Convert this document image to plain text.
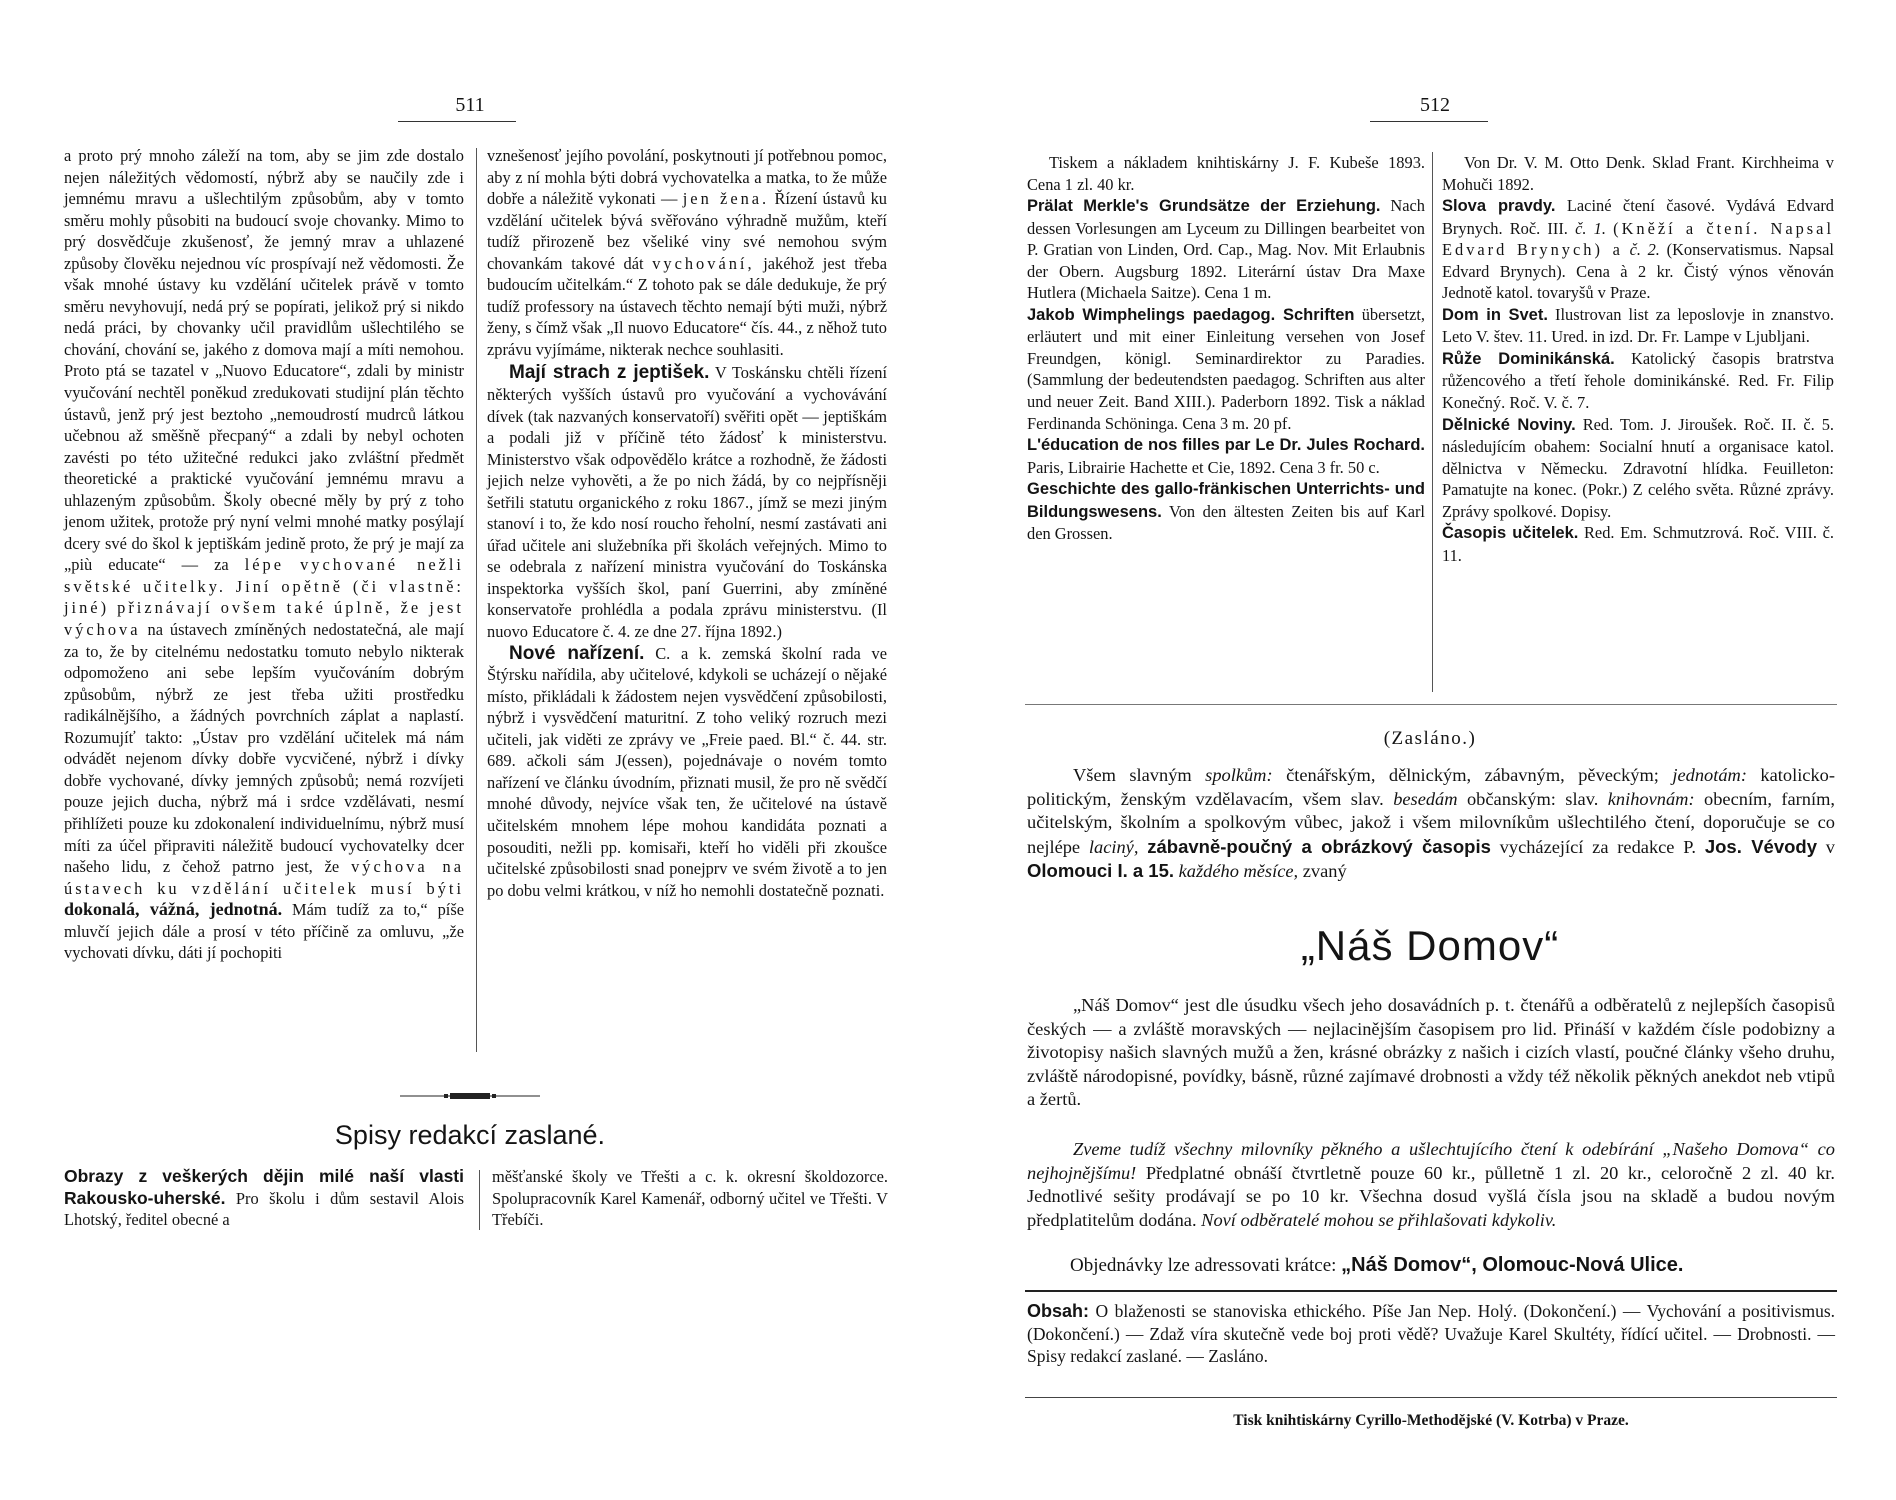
511

a proto prý mnoho záleží na tom, aby se jim zde dostalo nejen náležitých vědomostí, nýbrž aby se naučily zde i jemnému mravu a ušlechtilým způsobům, aby v tomto směru mohly působiti na budoucí svoje chovanky. Mimo to prý dosvědčuje zkušenosť, že jemný mrav a uhlazené způsoby člověku nejednou víc prospívají než vědomosti. Že však mnohé ústavy ku vzdělání učitelek právě v tomto směru nevyhovují, nedá prý se popírati, jelikož prý si nikdo nedá práci, by chovanky učil pravidlům ušlechtilého se chování, chování se, jakého z domova mají a míti nemohou. Proto ptá se tazatel v „Nuovo Educatore“, zdali by ministr vyučování nechtěl poněkud zredukovati studijní plán těchto ústavů, jenž prý jest beztoho „nemoudrostí mudrců látkou učebnou až směšně přecpaný“ a zdali by nebyl ochoten zavésti po této užitečné redukci jako zvláštní předmět theoretické a praktické vyučování jemnému mravu a uhlazeným způsobům. Školy obecné měly by prý z toho jenom užitek, protože prý nyní velmi mnohé matky posýlají dcery své do škol k jeptiškám jedině proto, že prý je mají za „più educate“ — za lépe vychované nežli světské učitelky. Jiní opětně (či vlastně: jiné) přiznávají ovšem také úplně, že jest výchova na ústavech zmíněných nedostatečná, ale mají za to, že by citelnému nedostatku tomuto nebylo nikterak odpomoženo ani sebe lepším vyučováním dobrým způsobům, nýbrž ze jest třeba užiti prostředku radikálnějšího, a žádných povrchních záplat a naplastí. Rozumujíť takto: „Ústav pro vzdělání učitelek má nám odvádět nejenom dívky dobře vycvičené, nýbrž i dívky dobře vychované, dívky jemných způsobů; nemá rozvíjeti pouze jejich ducha, nýbrž má i srdce vzdělávati, nesmí přihlížeti pouze ku zdokonalení individuelnímu, nýbrž musí míti za účel připraviti náležitě budoucí vychovatelky dcer našeho lidu, z čehož patrno jest, že výchova na ústavech ku vzdělání učitelek musí býti dokonalá, vážná, jednotná. Mám tudíž za to,“ píše mluvčí jejich dále a prosí v této příčině za omluvu, „že vychovati dívku, dáti jí pochopiti

vznešenosť jejího povolání, poskytnouti jí potřebnou pomoc, aby z ní mohla býti dobrá vychovatelka a matka, to že může dobře a náležitě vykonati — jen žena. Řízení ústavů ku vzdělání učitelek bývá svěřováno výhradně mužům, kteří tudíž přirozeně bez všeliké viny své nemohou svým chovankám takové dát vychování, jakéhož jest třeba budoucím učitelkám.“ Z tohoto pak se dále dedukuje, že prý tudíž professory na ústavech těchto nemají býti muži, nýbrž ženy, s čímž však „Il nuovo Educatore“ čís. 44., z něhož tuto zprávu vyjímáme, nikterak nechce souhlasiti.

Mají strach z jeptišek. V Toskánsku chtěli řízení některých vyšších ústavů pro vyučování a vychovávání dívek (tak nazvaných konservatoří) svěřiti opět — jeptiškám a podali již v příčině této žádosť k ministerstvu. Ministerstvo však odpovědělo krátce a rozhodně, že žádosti jejich nelze vyhověti, a že po nich žádá, by co nejpřísněji šetřili statutu organického z roku 1867., jímž se mezi jiným stanoví i to, že kdo nosí roucho řeholní, nesmí zastávati ani úřad učitele ani služebníka při školách veřejných. Mimo to se odebrala z nařízení ministra vyučování do Toskánska inspektorka vyšších škol, paní Guerrini, aby zmíněné konservatoře prohlédla a podala zprávu ministerstvu. (Il nuovo Educatore č. 4. ze dne 27. října 1892.)

Nové nařízení. C. a k. zemská školní rada ve Štýrsku nařídila, aby učitelové, kdykoli se ucházejí o nějaké místo, přikládali k žádostem nejen vysvědčení způsobilosti, nýbrž i vysvědčení maturitní. Z toho veliký rozruch mezi učiteli, jak viděti ze zprávy ve „Freie paed. Bl.“ č. 44. str. 689. ačkoli sám J(essen), pojednávaje o novém tomto nařízení ve článku úvodním, přiznati musil, že pro ně svědčí mnohé důvody, nejvíce však ten, že učitelové na ústavě učitelském mnohem lépe mohou kandidáta poznati a posouditi, nežli pp. komisaři, kteří ho viděli při zkoušce učitelské způsobilosti snad ponejprv ve svém životě a to jen po dobu velmi krátkou, v níž ho nemohli dostatečně poznati.

Spisy redakcí zaslané.

Obrazy z veškerých dějin milé naší vlasti Rakousko-uherské. Pro školu i dům sestavil Alois Lhotský, ředitel obecné a

měšťanské školy ve Třešti a c. k. okresní školdozorce. Spolupracovník Karel Kamenář, odborný učitel ve Třešti. V Třebíči.

512

Tiskem a nákladem knihtiskárny J. F. Kubeše 1893. Cena 1 zl. 40 kr.

Prälat Merkle's Grundsätze der Erziehung. Nach dessen Vorlesungen am Lyceum zu Dillingen bearbeitet von P. Gratian von Linden, Ord. Cap., Mag. Nov. Mit Erlaubnis der Obern. Augsburg 1892. Literární ústav Dra Maxe Hutlera (Michaela Saitze). Cena 1 m.

Jakob Wimphelings paedagog. Schriften übersetzt, erläutert und mit einer Einleitung versehen von Josef Freundgen, königl. Seminardirektor zu Paradies. (Sammlung der bedeutendsten paedagog. Schriften aus alter und neuer Zeit. Band XIII.). Paderborn 1892. Tisk a náklad Ferdinanda Schöninga. Cena 3 m. 20 pf.

L'éducation de nos filles par Le Dr. Jules Rochard. Paris, Librairie Hachette et Cie, 1892. Cena 3 fr. 50 c.

Geschichte des gallo-fränkischen Unterrichts- und Bildungswesens. Von den ältesten Zeiten bis auf Karl den Grossen.

Von Dr. V. M. Otto Denk. Sklad Frant. Kirchheima v Mohuči 1892.

Slova pravdy. Laciné čtení časové. Vydává Edvard Brynych. Roč. III. č. 1. (Kněží a čtení. Napsal Edvard Brynych) a č. 2. (Konservatismus. Napsal Edvard Brynych). Cena à 2 kr. Čistý výnos věnován Jednotě katol. tovaryšů v Praze.

Dom in Svet. Ilustrovan list za leposlovje in znanstvo. Leto V. štev. 11. Ured. in izd. Dr. Fr. Lampe v Ljubljani.

Růže Dominikánská. Katolický časopis bratrstva růžencového a třetí řehole dominikánské. Red. Fr. Filip Konečný. Roč. V. č. 7.

Dělnické Noviny. Red. Tom. J. Jiroušek. Roč. II. č. 5. následujícím obahem: Socialní hnutí a organisace katol. dělnictva v Německu. Zdravotní hlídka. Feuilleton: Pamatujte na konec. (Pokr.) Z celého světa. Různé zprávy. Zprávy spolkové. Dopisy.

Časopis učitelek. Red. Em. Schmutzrová. Roč. VIII. č. 11.

(Zasláno.)
Všem slavným spolkům: čtenářským, dělnickým, zábavným, pěveckým; jednotám: katolicko-politickým, ženským vzdělavacím, všem slav. besedám občanským: slav. knihovnám: obecním, farním, učitelským, školním a spolkovým vůbec, jakož i všem milovníkům ušlechtilého čtení, doporučuje se co nejlépe laciný, zábavně-poučný a obrázkový časopis vycházející za redakce P. Jos. Vévody v Olomouci I. a 15. každého měsíce, zvaný
„Náš Domov“
„Náš Domov“ jest dle úsudku všech jeho dosavádních p. t. čtenářů a odběratelů z nejlepších časopisů českých — a zvláště moravských — nejlacinějším časopisem pro lid. Přináší v každém čísle podobizny a životopisy našich slavných mužů a žen, krásné obrázky z našich i cizích vlastí, poučné články všeho druhu, zvláště národopisné, povídky, básně, různé zajímavé drobnosti a vždy též několik pěkných anekdot neb vtipů a žertů.
Zveme tudíž všechny milovníky pěkného a ušlechtujícího čtení k odebírání „Našeho Domova“ co nejhojnějšímu! Předplatné obnáší čtvrtletně pouze 60 kr., půlletně 1 zl. 20 kr., celoročně 2 zl. 40 kr. Jednotlivé sešity prodávají se po 10 kr. Všechna dosud vyšlá čísla jsou na skladě a budou novým předplatitelům dodána. Noví odběratelé mohou se přihlašovati kdykoliv.
Objednávky lze adressovati krátce: „Náš Domov“, Olomouc-Nová Ulice.
Obsah: O blaženosti se stanoviska ethického. Píše Jan Nep. Holý. (Dokončení.) — Vychování a positivismus. (Dokončení.) — Zdaž víra skutečně vede boj proti vědě? Uvažuje Karel Skultéty, řídící učitel. — Drobnosti. — Spisy redakcí zaslané. — Zasláno.
Tisk knihtiskárny Cyrillo-Methodějské (V. Kotrba) v Praze.
